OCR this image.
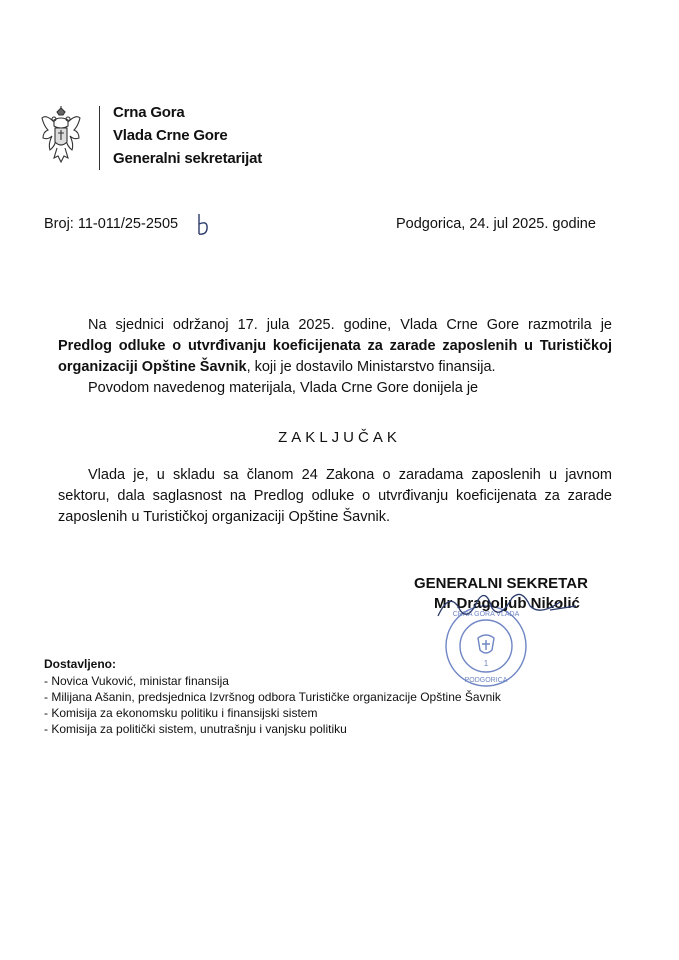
Crna Gora
Vlada Crne Gore
Generalni sekretarijat
Broj: 11-011/25-2505	Podgorica, 24. jul 2025. godine

Na sjednici održanoj 17. jula 2025. godine, Vlada Crne Gore razmotrila je Predlog odluke o utvrđivanju koeficijenata za zarade zaposlenih u Turističkoj organizaciji Opštine Šavnik, koji je dostavilo Ministarstvo finansija.

Povodom navedenog materijala, Vlada Crne Gore donijela je

ZAKLJUČAK

Vlada je, u skladu sa članom 24 Zakona o zaradama zaposlenih u javnom sektoru, dala saglasnost na Predlog odluke o utvrđivanju koeficijenata za zarade zaposlenih u Turističkoj organizaciji Opštine Šavnik.

1
PODGORICA
CRNA GORA VLADA
GENERALNI SEKRETAR
Mr Dragoljub Nikolić
Dostavljeno:
- Novica Vuković, ministar finansija
- Milijana Ašanin, predsjednica Izvršnog odbora Turističke organizacije Opštine Šavnik
- Komisija za ekonomsku politiku i finansijski sistem
- Komisija za politički sistem, unutrašnju i vanjsku politiku
